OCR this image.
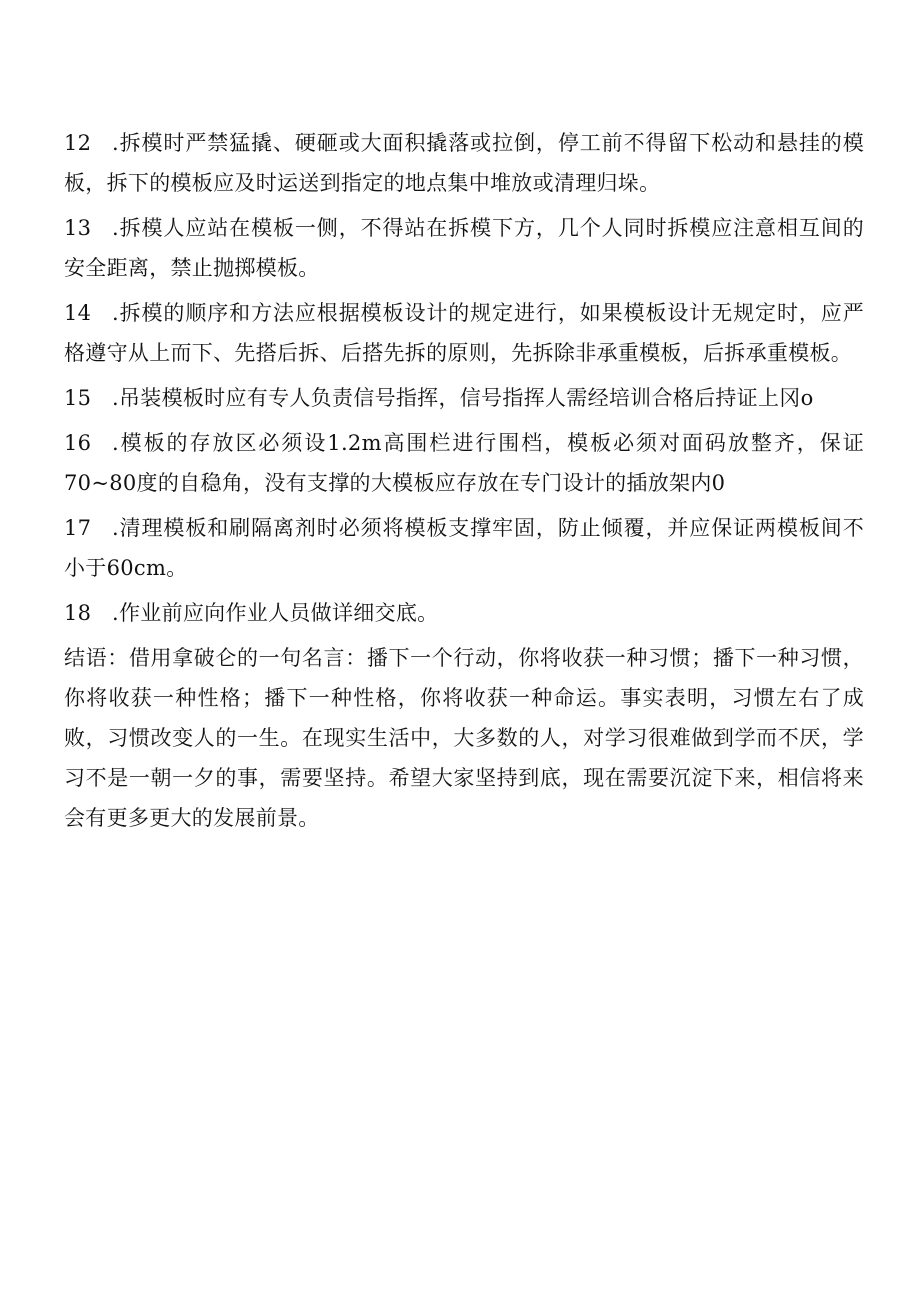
12 .拆模时严禁猛撬、硬砸或大面积撬落或拉倒，停工前不得留下松动和悬挂的模板，拆下的模板应及时运送到指定的地点集中堆放或清理归垛。

13 .拆模人应站在模板一侧，不得站在拆模下方，几个人同时拆模应注意相互间的安全距离，禁止抛掷模板。

14 .拆模的顺序和方法应根据模板设计的规定进行，如果模板设计无规定时，应严格遵守从上而下、先搭后拆、后搭先拆的原则，先拆除非承重模板，后拆承重模板。

15 .吊装模板时应有专人负责信号指挥，信号指挥人需经培训合格后持证上冈o

16 .模板的存放区必须设1.2m高围栏进行围档，模板必须对面码放整齐，保证70~80度的自稳角，没有支撑的大模板应存放在专门设计的插放架内0

17 .清理模板和刷隔离剂时必须将模板支撑牢固，防止倾覆，并应保证两模板间不小于60cm。

18 .作业前应向作业人员做详细交底。

结语：借用拿破仑的一句名言：播下一个行动，你将收获一种习惯；播下一种习惯，你将收获一种性格；播下一种性格，你将收获一种命运。事实表明，习惯左右了成败，习惯改变人的一生。在现实生活中，大多数的人，对学习很难做到学而不厌，学习不是一朝一夕的事，需要坚持。希望大家坚持到底，现在需要沉淀下来，相信将来会有更多更大的发展前景。
